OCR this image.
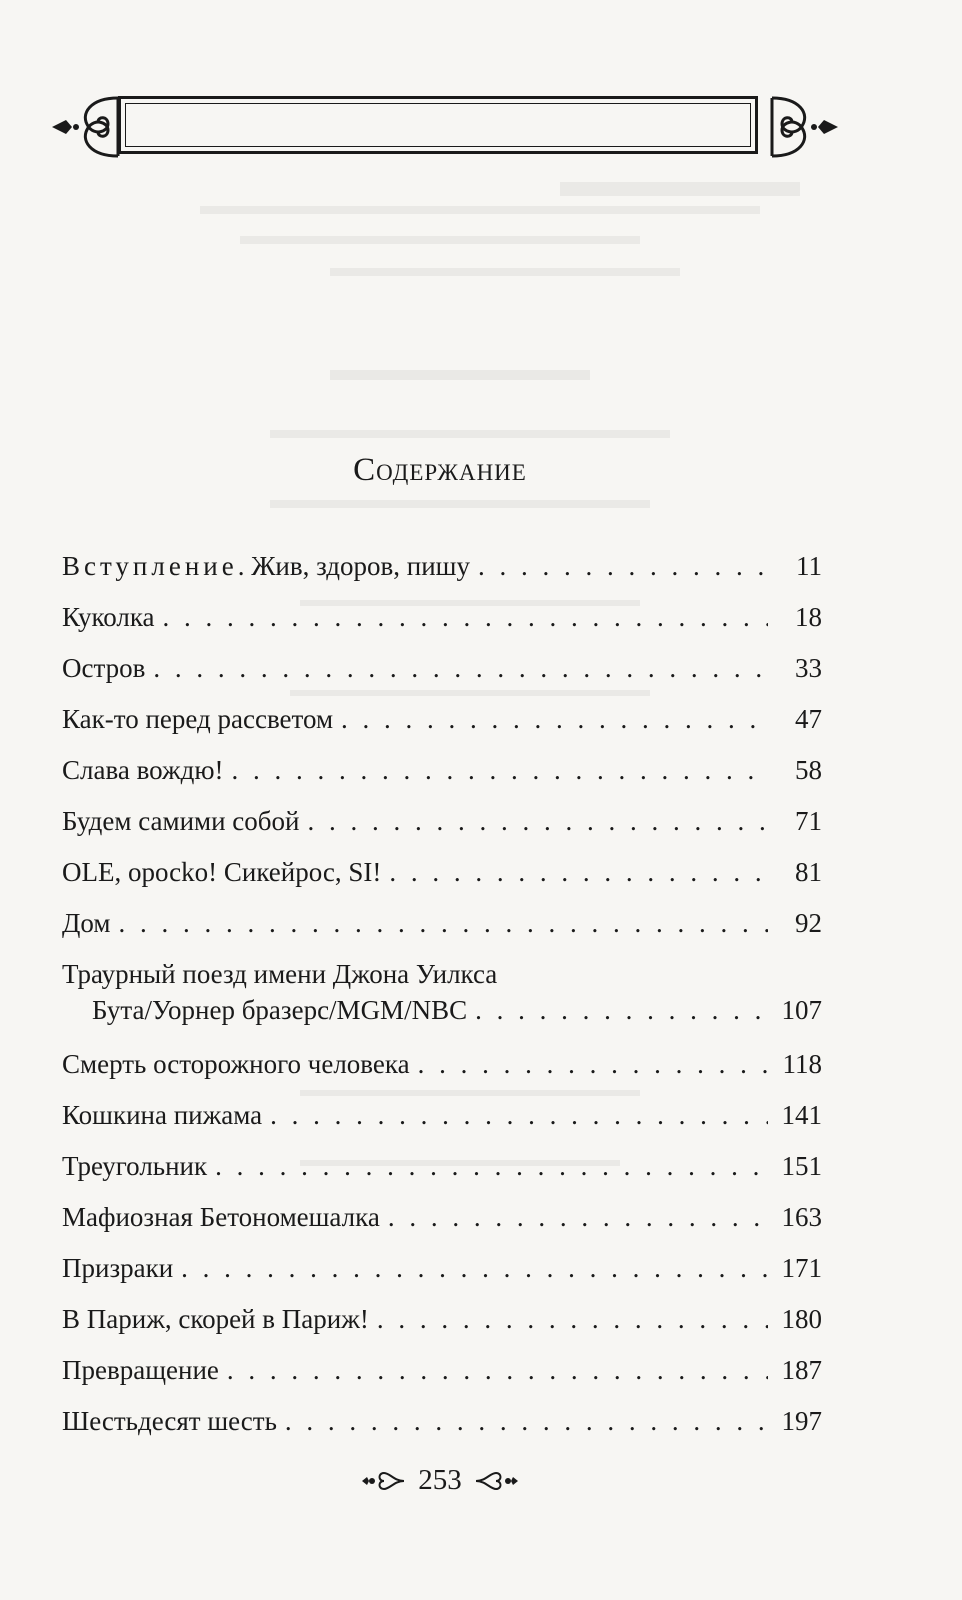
Содержание
Вступление. Жив, здоров, пишу . . .	11
Куколка . . .	18
Остров . . .	33
Как-то перед рассветом . . .	47
Слава вождю! . . .	58
Будем самими собой . . .	71
OLE, оросkо! Сикейрос, SI! . . .	81
Дом . . .	92
Траурный поезд имени Джона Уилкса
Бута/Уорнер бразерс/MGM/NBC . . .	107
Смерть осторожного человека . . .	118
Кошкина пижама . . .	141
Треугольник . . .	151
Мафиозная Бетономешалка . . .	163
Призраки . . .	171
В Париж, скорей в Париж! . . .	180
Превращение . . .	187
Шестьдесят шесть . . .	197
253
